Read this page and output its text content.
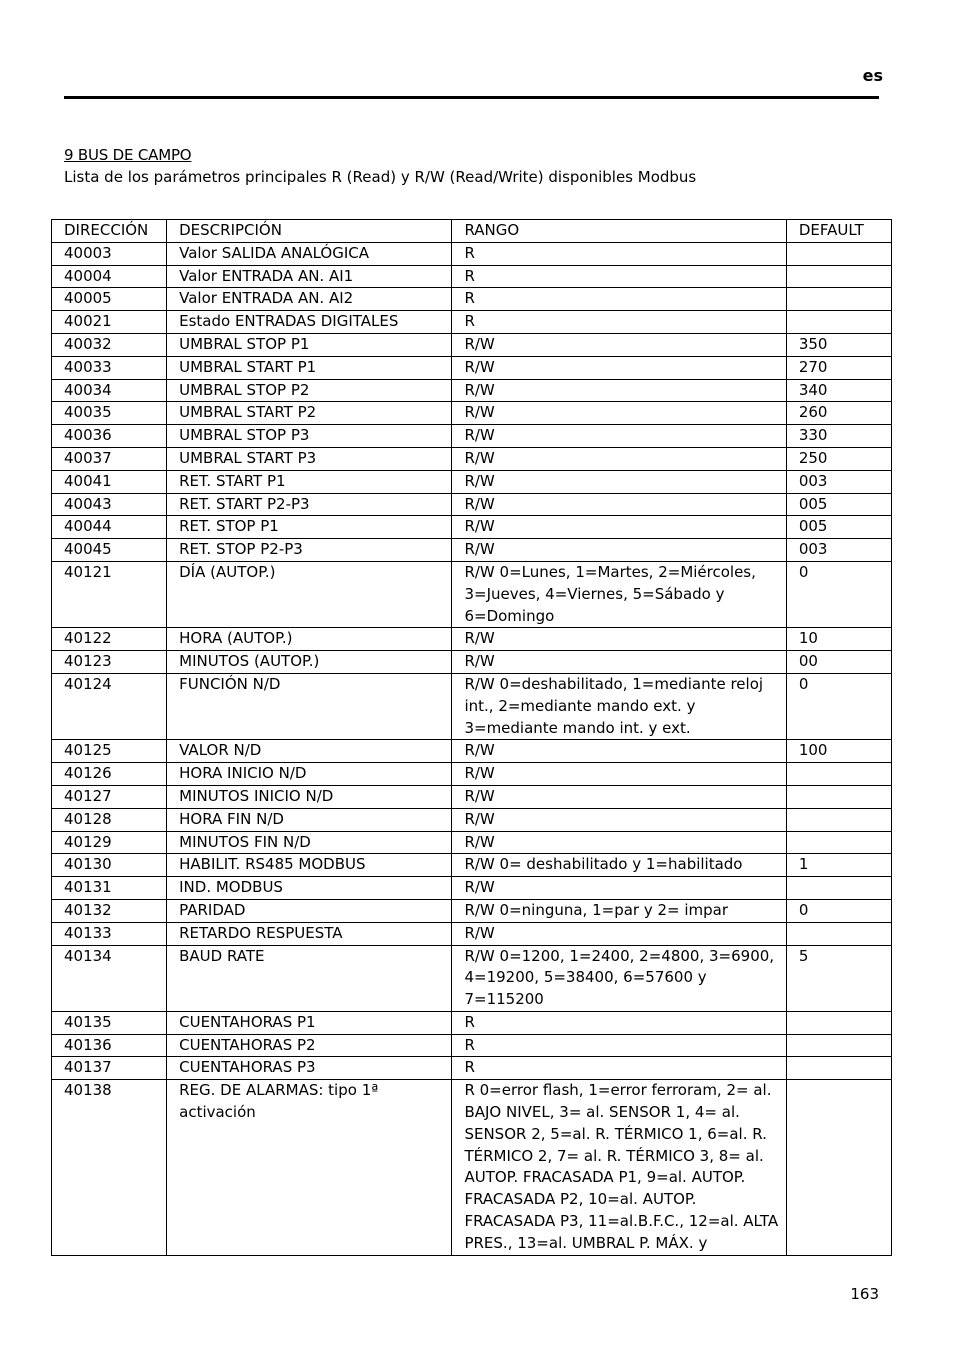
es
9 BUS DE CAMPO
Lista de los parámetros principales R (Read) y R/W (Read/Write) disponibles Modbus
DIRECCIÓN	DESCRIPCIÓN	RANGO	DEFAULT
40003	Valor SALIDA ANALÓGICA	R	
40004	Valor ENTRADA AN. AI1	R	
40005	Valor ENTRADA AN. AI2	R	
40021	Estado ENTRADAS DIGITALES	R	
40032	UMBRAL STOP P1	R/W	350
40033	UMBRAL START P1	R/W	270
40034	UMBRAL STOP P2	R/W	340
40035	UMBRAL START P2	R/W	260
40036	UMBRAL STOP P3	R/W	330
40037	UMBRAL START P3	R/W	250
40041	RET. START P1	R/W	003
40043	RET. START P2-P3	R/W	005
40044	RET. STOP P1	R/W	005
40045	RET. STOP P2-P3	R/W	003
40121	DÍA (AUTOP.)	R/W 0=Lunes, 1=Martes, 2=Miércoles, 3=Jueves, 4=Viernes, 5=Sábado y 6=Domingo	0
40122	HORA (AUTOP.)	R/W	10
40123	MINUTOS (AUTOP.)	R/W	00
40124	FUNCIÓN N/D	R/W 0=deshabilitado, 1=mediante reloj int., 2=mediante mando ext. y 3=mediante mando int. y ext.	0
40125	VALOR N/D	R/W	100
40126	HORA INICIO N/D	R/W	
40127	MINUTOS INICIO N/D	R/W	
40128	HORA FIN N/D	R/W	
40129	MINUTOS FIN N/D	R/W	
40130	HABILIT. RS485 MODBUS	R/W 0= deshabilitado y 1=habilitado	1
40131	IND. MODBUS	R/W	
40132	PARIDAD	R/W 0=ninguna, 1=par y 2= impar	0
40133	RETARDO RESPUESTA	R/W	
40134	BAUD RATE	R/W 0=1200, 1=2400, 2=4800, 3=6900, 4=19200, 5=38400, 6=57600 y 7=115200	5
40135	CUENTAHORAS P1	R	
40136	CUENTAHORAS P2	R	
40137	CUENTAHORAS P3	R	
40138	REG. DE ALARMAS: tipo 1ª activación	R 0=error flash, 1=error ferroram, 2= al. BAJO NIVEL, 3= al. SENSOR 1, 4= al. SENSOR 2, 5=al. R. TÉRMICO 1, 6=al. R. TÉRMICO 2, 7= al. R. TÉRMICO 3, 8= al. AUTOP. FRACASADA P1, 9=al. AUTOP. FRACASADA P2, 10=al. AUTOP. FRACASADA P3, 11=al.B.F.C., 12=al. ALTA PRES., 13=al. UMBRAL P. MÁX. y	
163
